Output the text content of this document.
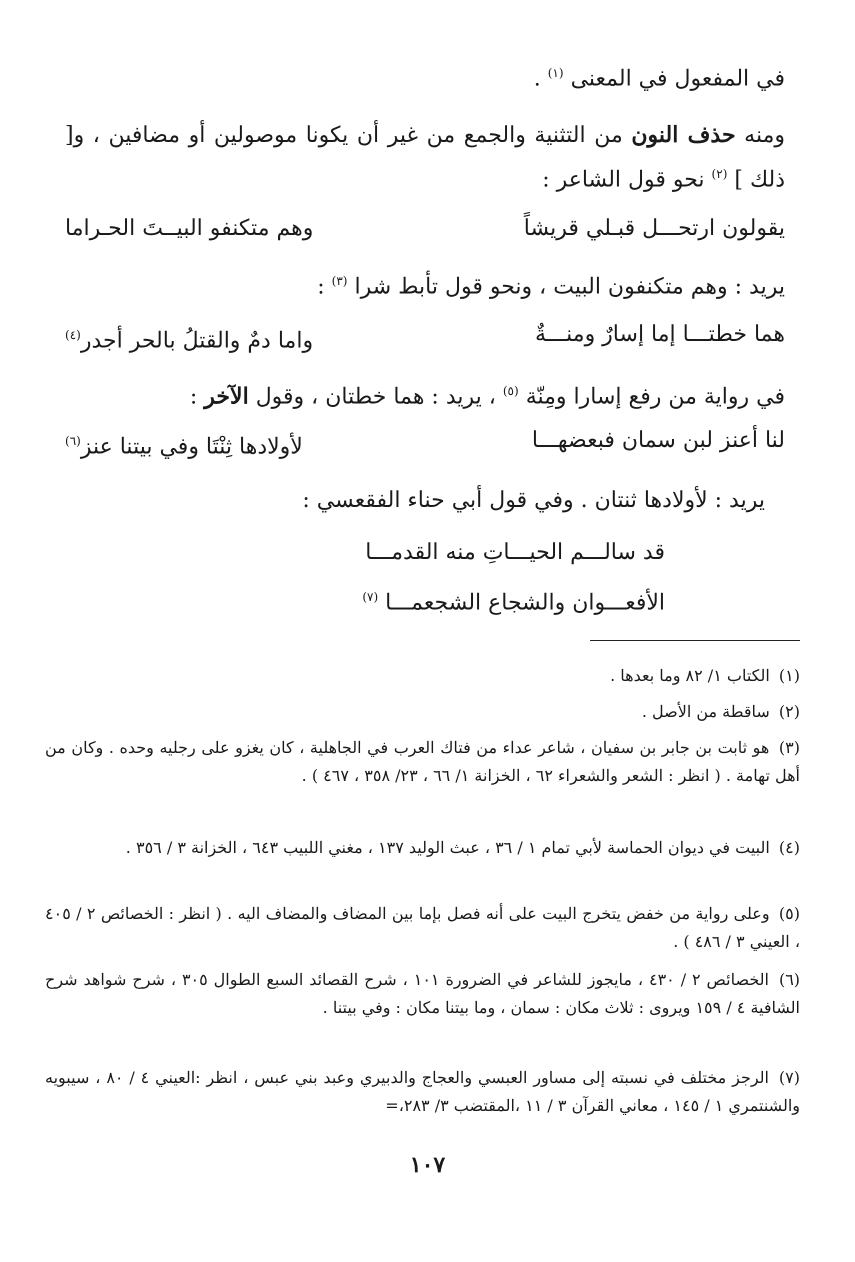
في المفعول في المعنى $^{(١)}$ .
ومنه حذف النون من التثنية والجمع من غير أن يكونا موصولين أو مضافين ، و[ ذلك ] $^{(٢)}$ نحو قول الشاعر :
يقولون ارتحـــل قبـلي قريشاً
وهم متكنفو البيــتَ الحـراما
يريد : وهم متكنفون البيت ، ونحو قول تأبط شرا $^{(٣)}$ :
هما خطتـــا إما إسارٌ ومنـــةٌ
واما دمٌ والقتلُ بالحر أجدر$^{(٤)}$
في رواية من رفع إسارا ومِنّة $^{(٥)}$ ، يريد : هما خطتان ، وقول الآخر :
لنا أعنز لبن سمان فبعضهـــا
لأولادها ثِنْتَا وفي بيتنا عنز$^{(٦)}$
يريد : لأولادها ثنتان . وفي قول أبي حناء الفقعسي :
قد سالـــم الحيـــاتِ منه القدمـــا
الأفعـــوان والشجاع الشجعمـــا $^{(٧)}$
(١) الكتاب ١/ ٨٢ وما بعدها .
(٢) ساقطة من الأصل .
(٣) هو ثابت بن جابر بن سفيان ، شاعر عداء من فتاك العرب في الجاهلية ، كان يغزو على رجليه وحده . وكان من أهل تهامة . ( انظر : الشعر والشعراء ٦٢ ، الخزانة ١/ ٦٦ ، ٢٣/ ٣٥٨ ، ٤٦٧ ) .
(٤) البيت في ديوان الحماسة لأبي تمام ١ / ٣٦ ، عبث الوليد ١٣٧ ، مغني اللبيب ٦٤٣ ، الخزانة ٣ / ٣٥٦ .
(٥) وعلى رواية من خفض يتخرج البيت على أنه فصل بإما بين المضاف والمضاف اليه . ( انظر : الخصائص ٢ / ٤٠٥ ، العيني ٣ / ٤٨٦ ) .
(٦) الخصائص ٢ / ٤٣٠ ، مايجوز للشاعر في الضرورة ١٠١ ، شرح القصائد السبع الطوال ٣٠٥ ، شرح شواهد شرح الشافية ٤ / ١٥٩ ويروى : ثلاث مكان : سمان ، وما بيتنا مكان : وفي بيتنا .
(٧) الرجز مختلف في نسبته إلى مساور العبسي والعجاج والدبيري وعبد بني عبس ، انظر :العيني ٤ / ٨٠ ، سيبويه والشنتمري ١ / ١٤٥ ، معاني القرآن ٣ / ١١ ،المقتضب ٣/ ٢٨٣،=
١٠٧
